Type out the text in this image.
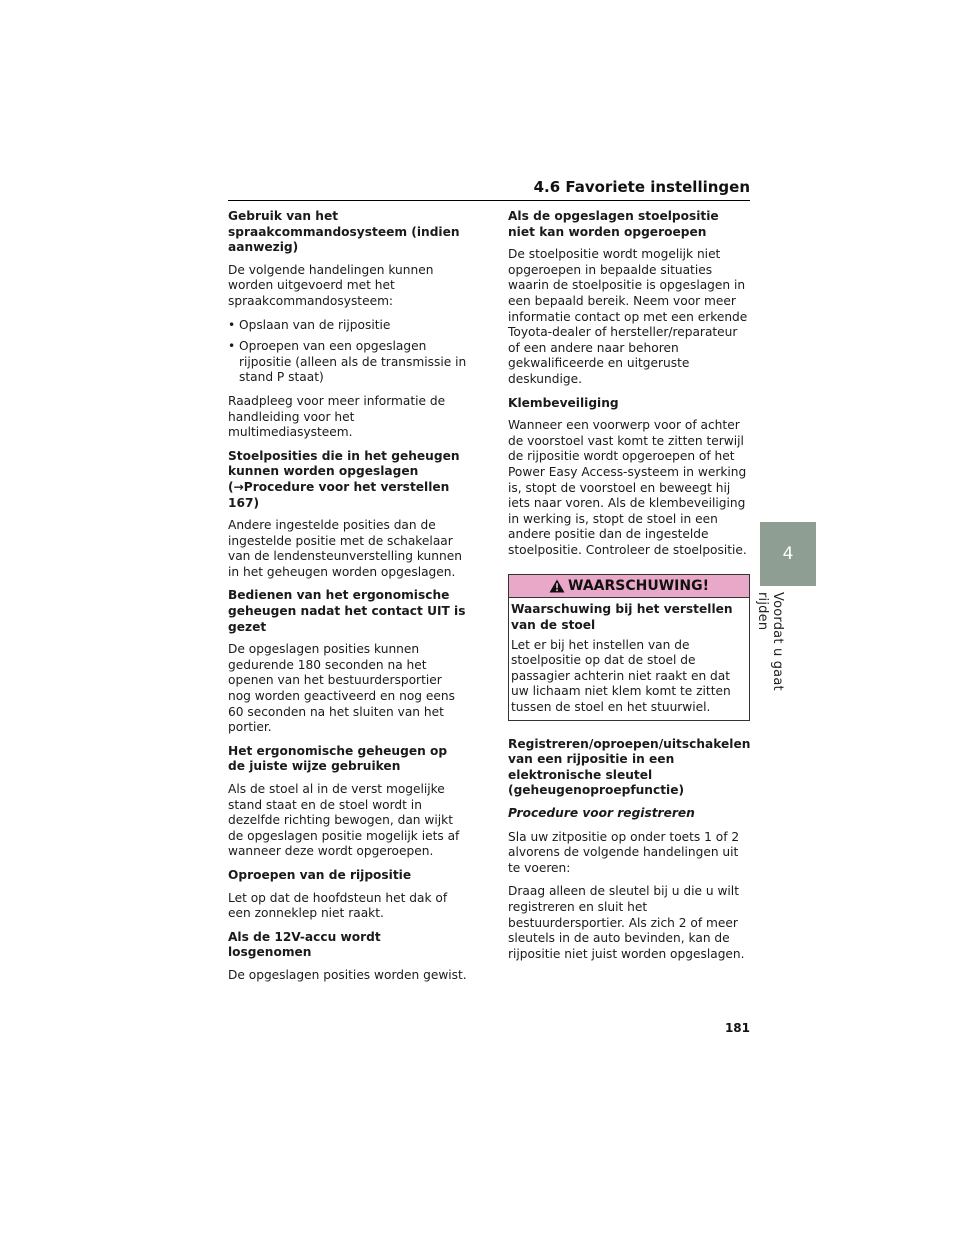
4.6 Favoriete instellingen
Gebruik van het spraakcommandosysteem (indien aanwezig)

De volgende handelingen kunnen worden uitgevoerd met het spraakcommandosysteem:

• Opslaan van de rijpositie
• Oproepen van een opgeslagen rijpositie (alleen als de transmissie in stand P staat)

Raadpleeg voor meer informatie de handleiding voor het multimediasysteem.

Stoelposities die in het geheugen kunnen worden opgeslagen (→Procedure voor het verstellen 167)

Andere ingestelde posities dan de ingestelde positie met de schakelaar van de lendensteunverstelling kunnen in het geheugen worden opgeslagen.

Bedienen van het ergonomische geheugen nadat het contact UIT is gezet

De opgeslagen posities kunnen gedurende 180 seconden na het openen van het bestuurdersportier nog worden geactiveerd en nog eens 60 seconden na het sluiten van het portier.

Het ergonomische geheugen op de juiste wijze gebruiken

Als de stoel al in de verst mogelijke stand staat en de stoel wordt in dezelfde richting bewogen, dan wijkt de opgeslagen positie mogelijk iets af wanneer deze wordt opgeroepen.

Oproepen van de rijpositie

Let op dat de hoofdsteun het dak of een zonneklep niet raakt.

Als de 12V-accu wordt losgenomen

De opgeslagen posities worden gewist.

Als de opgeslagen stoelpositie niet kan worden opgeroepen

De stoelpositie wordt mogelijk niet opgeroepen in bepaalde situaties waarin de stoelpositie is opgeslagen in een bepaald bereik. Neem voor meer informatie contact op met een erkende Toyota-dealer of hersteller/reparateur of een andere naar behoren gekwalificeerde en uitgeruste deskundige.

Klembeveiliging

Wanneer een voorwerp voor of achter de voorstoel vast komt te zitten terwijl de rijpositie wordt opgeroepen of het Power Easy Access-systeem in werking is, stopt de voorstoel en beweegt hij iets naar voren. Als de klembeveiliging in werking is, stopt de stoel in een andere positie dan de ingestelde stoelpositie. Controleer de stoelpositie.

WAARSCHUWING!
Waarschuwing bij het verstellen van de stoel

Let er bij het instellen van de stoelpositie op dat de stoel de passagier achterin niet raakt en dat uw lichaam niet klem komt te zitten tussen de stoel en het stuurwiel.

Registreren/oproepen/uitschakelen van een rijpositie in een elektronische sleutel (geheugenoproepfunctie)

Procedure voor registreren

Sla uw zitpositie op onder toets 1 of 2 alvorens de volgende handelingen uit te voeren:

Draag alleen de sleutel bij u die u wilt registreren en sluit het bestuurdersportier. Als zich 2 of meer sleutels in de auto bevinden, kan de rijpositie niet juist worden opgeslagen.

4
Voordat u gaat rijden
181
